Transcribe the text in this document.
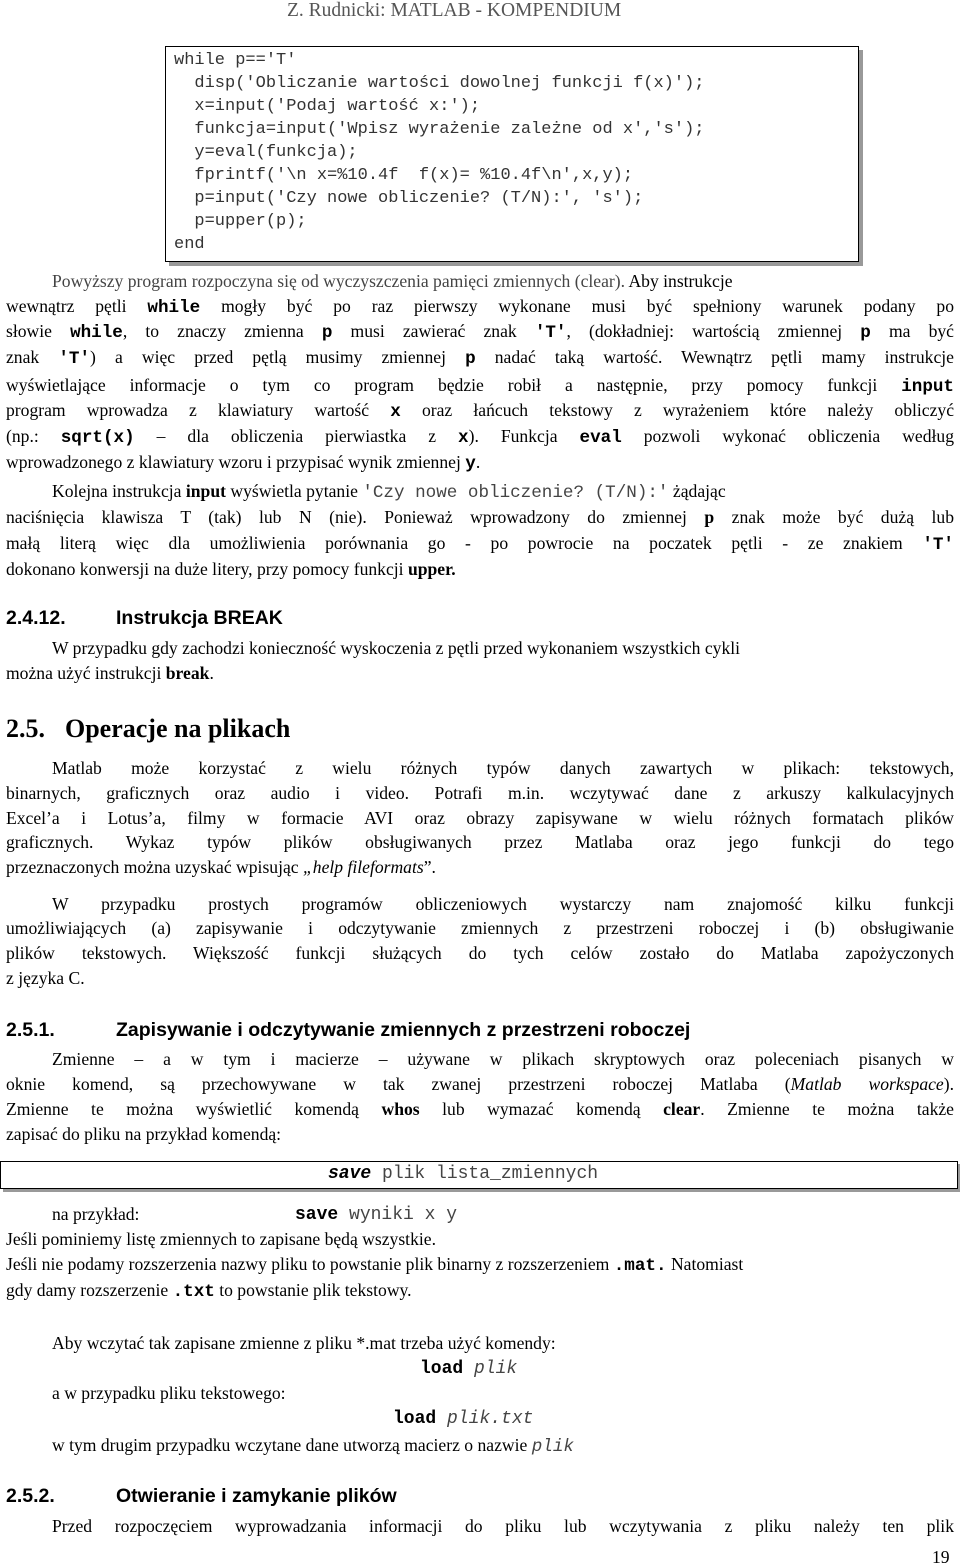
Z. Rudnicki: MATLAB - KOMPENDIUM
while p=='T'
disp('Obliczanie wartości dowolnej funkcji f(x)');
x=input('Podaj wartość x:');
funkcja=input('Wpisz wyrażenie zależne od x','s');
y=eval(funkcja);
fprintf('\n x=%10.4f  f(x)= %10.4f\n',x,y);
p=input('Czy nowe obliczenie? (T/N):', 's');
p=upper(p);
end
Powyższy program rozpoczyna się od wyczyszczenia pamięci zmiennych (clear). Aby instrukcje
wewnątrz pętli while mogły być po raz pierwszy wykonane musi być spełniony warunek podany po
słowie while, to znaczy zmienna p musi zawierać znak 'T', (dokładniej: wartością zmiennej p ma być
znak 'T') a więc przed pętlą musimy zmiennej p nadać taką wartość. Wewnątrz pętli mamy instrukcje
wyświetlające informacje o tym co program będzie robił a następnie, przy pomocy funkcji input
program wprowadza z klawiatury wartość x oraz łańcuch tekstowy z wyrażeniem które należy obliczyć
(np.: sqrt(x) – dla obliczenia pierwiastka z x). Funkcja eval pozwoli wykonać obliczenia według
wprowadzonego z klawiatury wzoru i przypisać wynik zmiennej y.
Kolejna instrukcja input wyświetla pytanie 'Czy nowe obliczenie? (T/N):' żądając
naciśnięcia klawisza T (tak) lub N (nie). Ponieważ wprowadzony do zmiennej p znak może być dużą lub
małą literą więc dla umożliwienia porównania go - po powrocie na poczatek pętli - ze znakiem 'T'
dokonano konwersji na duże litery, przy pomocy funkcji upper.
2.4.12.	Instrukcja BREAK
W przypadku gdy zachodzi konieczność wyskoczenia z pętli przed wykonaniem wszystkich cykli
można użyć instrukcji break.
2.5. Operacje na plikach
Matlab może korzystać z wielu różnych typów danych zawartych w plikach: tekstowych,
binarnych, graficznych oraz audio i video. Potrafi m.in. wczytywać dane z arkuszy kalkulacyjnych
Excel’a i Lotus’a, filmy w formacie AVI oraz obrazy zapisywane w wielu różnych formatach plików
graficznych. Wykaz typów plików obsługiwanych przez Matlaba oraz jego funkcji do tego
przeznaczonych można uzyskać wpisując „help fileformats”.
W przypadku prostych programów obliczeniowych wystarczy nam znajomość kilku funkcji
umożliwiających (a) zapisywanie i odczytywanie zmiennych z przestrzeni roboczej i (b) obsługiwanie
plików tekstowych. Większość funkcji służących do tych celów zostało do Matlaba zapożyczonych
z języka C.
2.5.1.	Zapisywanie i odczytywanie zmiennych z przestrzeni roboczej
Zmienne – a w tym i macierze – używane w plikach skryptowych oraz poleceniach pisanych w
oknie komend, są przechowywane w tak zwanej przestrzeni roboczej Matlaba (Matlab workspace).
Zmienne te można wyświetlić komendą whos lub wymazać komendą clear. Zmienne te można także
zapisać do pliku na przykład komendą:
save plik lista_zmiennych
na przykład:	save wyniki x y
Jeśli pominiemy listę zmiennych to zapisane będą wszystkie.
Jeśli nie podamy rozszerzenia nazwy pliku to powstanie plik binarny z rozszerzeniem .mat. Natomiast
gdy damy rozszerzenie .txt to powstanie plik tekstowy.
Aby wczytać tak zapisane zmienne z pliku *.mat trzeba użyć komendy:
load plik
a w przypadku pliku tekstowego:
load plik.txt
w tym drugim przypadku wczytane dane utworzą macierz o nazwie plik
2.5.2.	Otwieranie i zamykanie plików
Przed rozpoczęciem wyprowadzania informacji do pliku lub wczytywania z pliku należy ten plik
19
